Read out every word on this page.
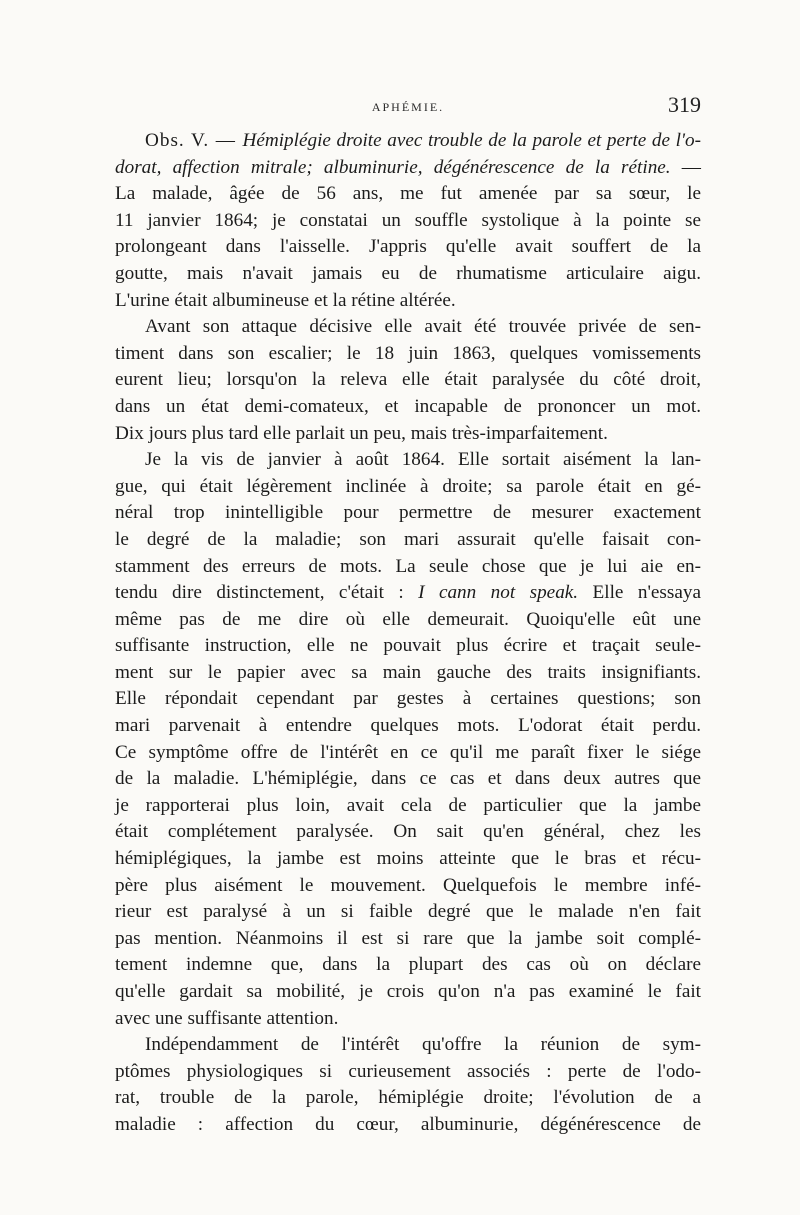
APHÉMIE.	319
Obs. V. — Hémiplégie droite avec trouble de la parole et perte de l'o-
dorat, affection mitrale; albuminurie, dégénérescence de la rétine. —
La malade, âgée de 56 ans, me fut amenée par sa sœur, le
11 janvier 1864; je constatai un souffle systolique à la pointe se
prolongeant dans l'aisselle. J'appris qu'elle avait souffert de la
goutte, mais n'avait jamais eu de rhumatisme articulaire aigu.
L'urine était albumineuse et la rétine altérée.
Avant son attaque décisive elle avait été trouvée privée de sen-
timent dans son escalier; le 18 juin 1863, quelques vomissements
eurent lieu; lorsqu'on la releva elle était paralysée du côté droit,
dans un état demi-comateux, et incapable de prononcer un mot.
Dix jours plus tard elle parlait un peu, mais très-imparfaitement.
Je la vis de janvier à août 1864. Elle sortait aisément la lan-
gue, qui était légèrement inclinée à droite; sa parole était en gé-
néral trop inintelligible pour permettre de mesurer exactement
le degré de la maladie; son mari assurait qu'elle faisait con-
stamment des erreurs de mots. La seule chose que je lui aie en-
tendu dire distinctement, c'était : I cann not speak. Elle n'essaya
même pas de me dire où elle demeurait. Quoiqu'elle eût une
suffisante instruction, elle ne pouvait plus écrire et traçait seule-
ment sur le papier avec sa main gauche des traits insignifiants.
Elle répondait cependant par gestes à certaines questions; son
mari parvenait à entendre quelques mots. L'odorat était perdu.
Ce symptôme offre de l'intérêt en ce qu'il me paraît fixer le siége
de la maladie. L'hémiplégie, dans ce cas et dans deux autres que
je rapporterai plus loin, avait cela de particulier que la jambe
était complétement paralysée. On sait qu'en général, chez les
hémiplégiques, la jambe est moins atteinte que le bras et récu-
père plus aisément le mouvement. Quelquefois le membre infé-
rieur est paralysé à un si faible degré que le malade n'en fait
pas mention. Néanmoins il est si rare que la jambe soit complé-
tement indemne que, dans la plupart des cas où on déclare
qu'elle gardait sa mobilité, je crois qu'on n'a pas examiné le fait
avec une suffisante attention.
Indépendamment de l'intérêt qu'offre la réunion de sym-
ptômes physiologiques si curieusement associés : perte de l'odo-
rat, trouble de la parole, hémiplégie droite; l'évolution de a
maladie : affection du cœur, albuminurie, dégénérescence de
